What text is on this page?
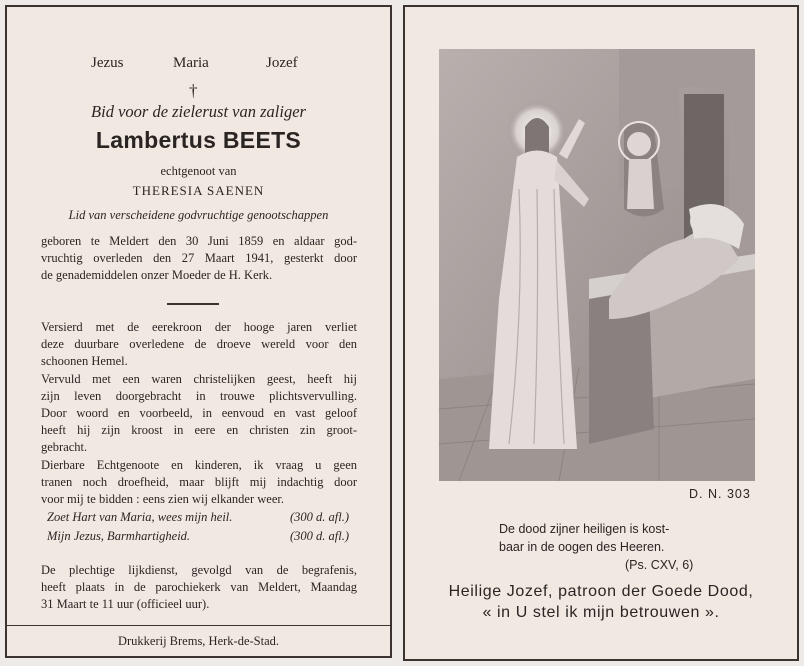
Jezus	Maria	Jozef
†
Bid voor de zielerust van zaliger
Lambertus BEETS
echtgenoot van
THERESIA SAENEN
Lid van verscheidene godvruchtige genootschappen
geboren te Meldert den 30 Juni 1859 en aldaar god-
vruchtig overleden den 27 Maart 1941, gesterkt door
de genademiddelen onzer Moeder de H. Kerk.
Versierd met de eerekroon der hooge jaren verliet
deze duurbare overledene de droeve wereld voor den
schoonen Hemel.
Vervuld met een waren christelijken geest, heeft hij
zijn leven doorgebracht in trouwe plichtsvervulling.
Door woord en voorbeeld, in eenvoud en vast geloof
heeft hij zijn kroost in eere en christen zin groot-
gebracht.
Dierbare Echtgenoote en kinderen, ik vraag u geen
tranen noch droefheid, maar blijft mij indachtig door
voor mij te bidden : eens zien wij elkander weer.
Zoet Hart van Maria, wees mijn heil.	(300 d. afl.)
Mijn Jezus, Barmhartigheid.	(300 d. afl.)
De plechtige lijkdienst, gevolgd van de begrafenis,
heeft plaats in de parochiekerk van Meldert, Maandag
31 Maart te 11 uur (officieel uur).
Drukkerij Brems, Herk-de-Stad.
D. N. 303
De dood zijner heiligen is kost-
baar in de oogen des Heeren.
(Ps. CXV, 6)
Heilige Jozef, patroon der Goede Dood,
« in U stel ik mijn betrouwen ».
